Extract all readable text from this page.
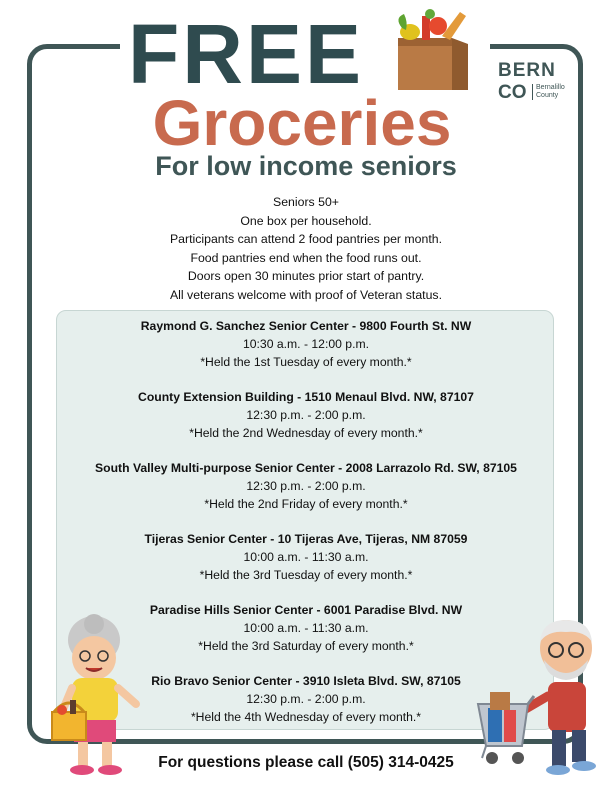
FREE
Groceries
For low income seniors
BERN
CO Bernalillo
County
Seniors 50+
One box per household.
Participants can attend 2 food pantries per month.
Food pantries end when the food runs out.
Doors open 30 minutes prior start of pantry.
All veterans welcome with proof of Veteran status.
Raymond G. Sanchez Senior Center - 9800 Fourth St. NW
10:30 a.m. - 12:00 p.m.
*Held the 1st Tuesday of every month.*
County Extension Building - 1510 Menaul Blvd. NW, 87107
12:30 p.m. - 2:00 p.m.
*Held the 2nd Wednesday of every month.*
South Valley Multi-purpose Senior Center - 2008 Larrazolo Rd. SW, 87105
12:30 p.m. - 2:00 p.m.
*Held the 2nd Friday of every month.*
Tijeras Senior Center - 10 Tijeras Ave, Tijeras, NM 87059
10:00 a.m. - 11:30 a.m.
*Held the 3rd Tuesday of every month.*
Paradise Hills Senior Center - 6001 Paradise Blvd. NW
10:00 a.m. - 11:30 a.m.
*Held the 3rd Saturday of every month.*
Rio Bravo Senior Center - 3910 Isleta Blvd. SW, 87105
12:30 p.m. - 2:00 p.m.
*Held the 4th Wednesday of every month.*
For questions please call (505) 314-0425
